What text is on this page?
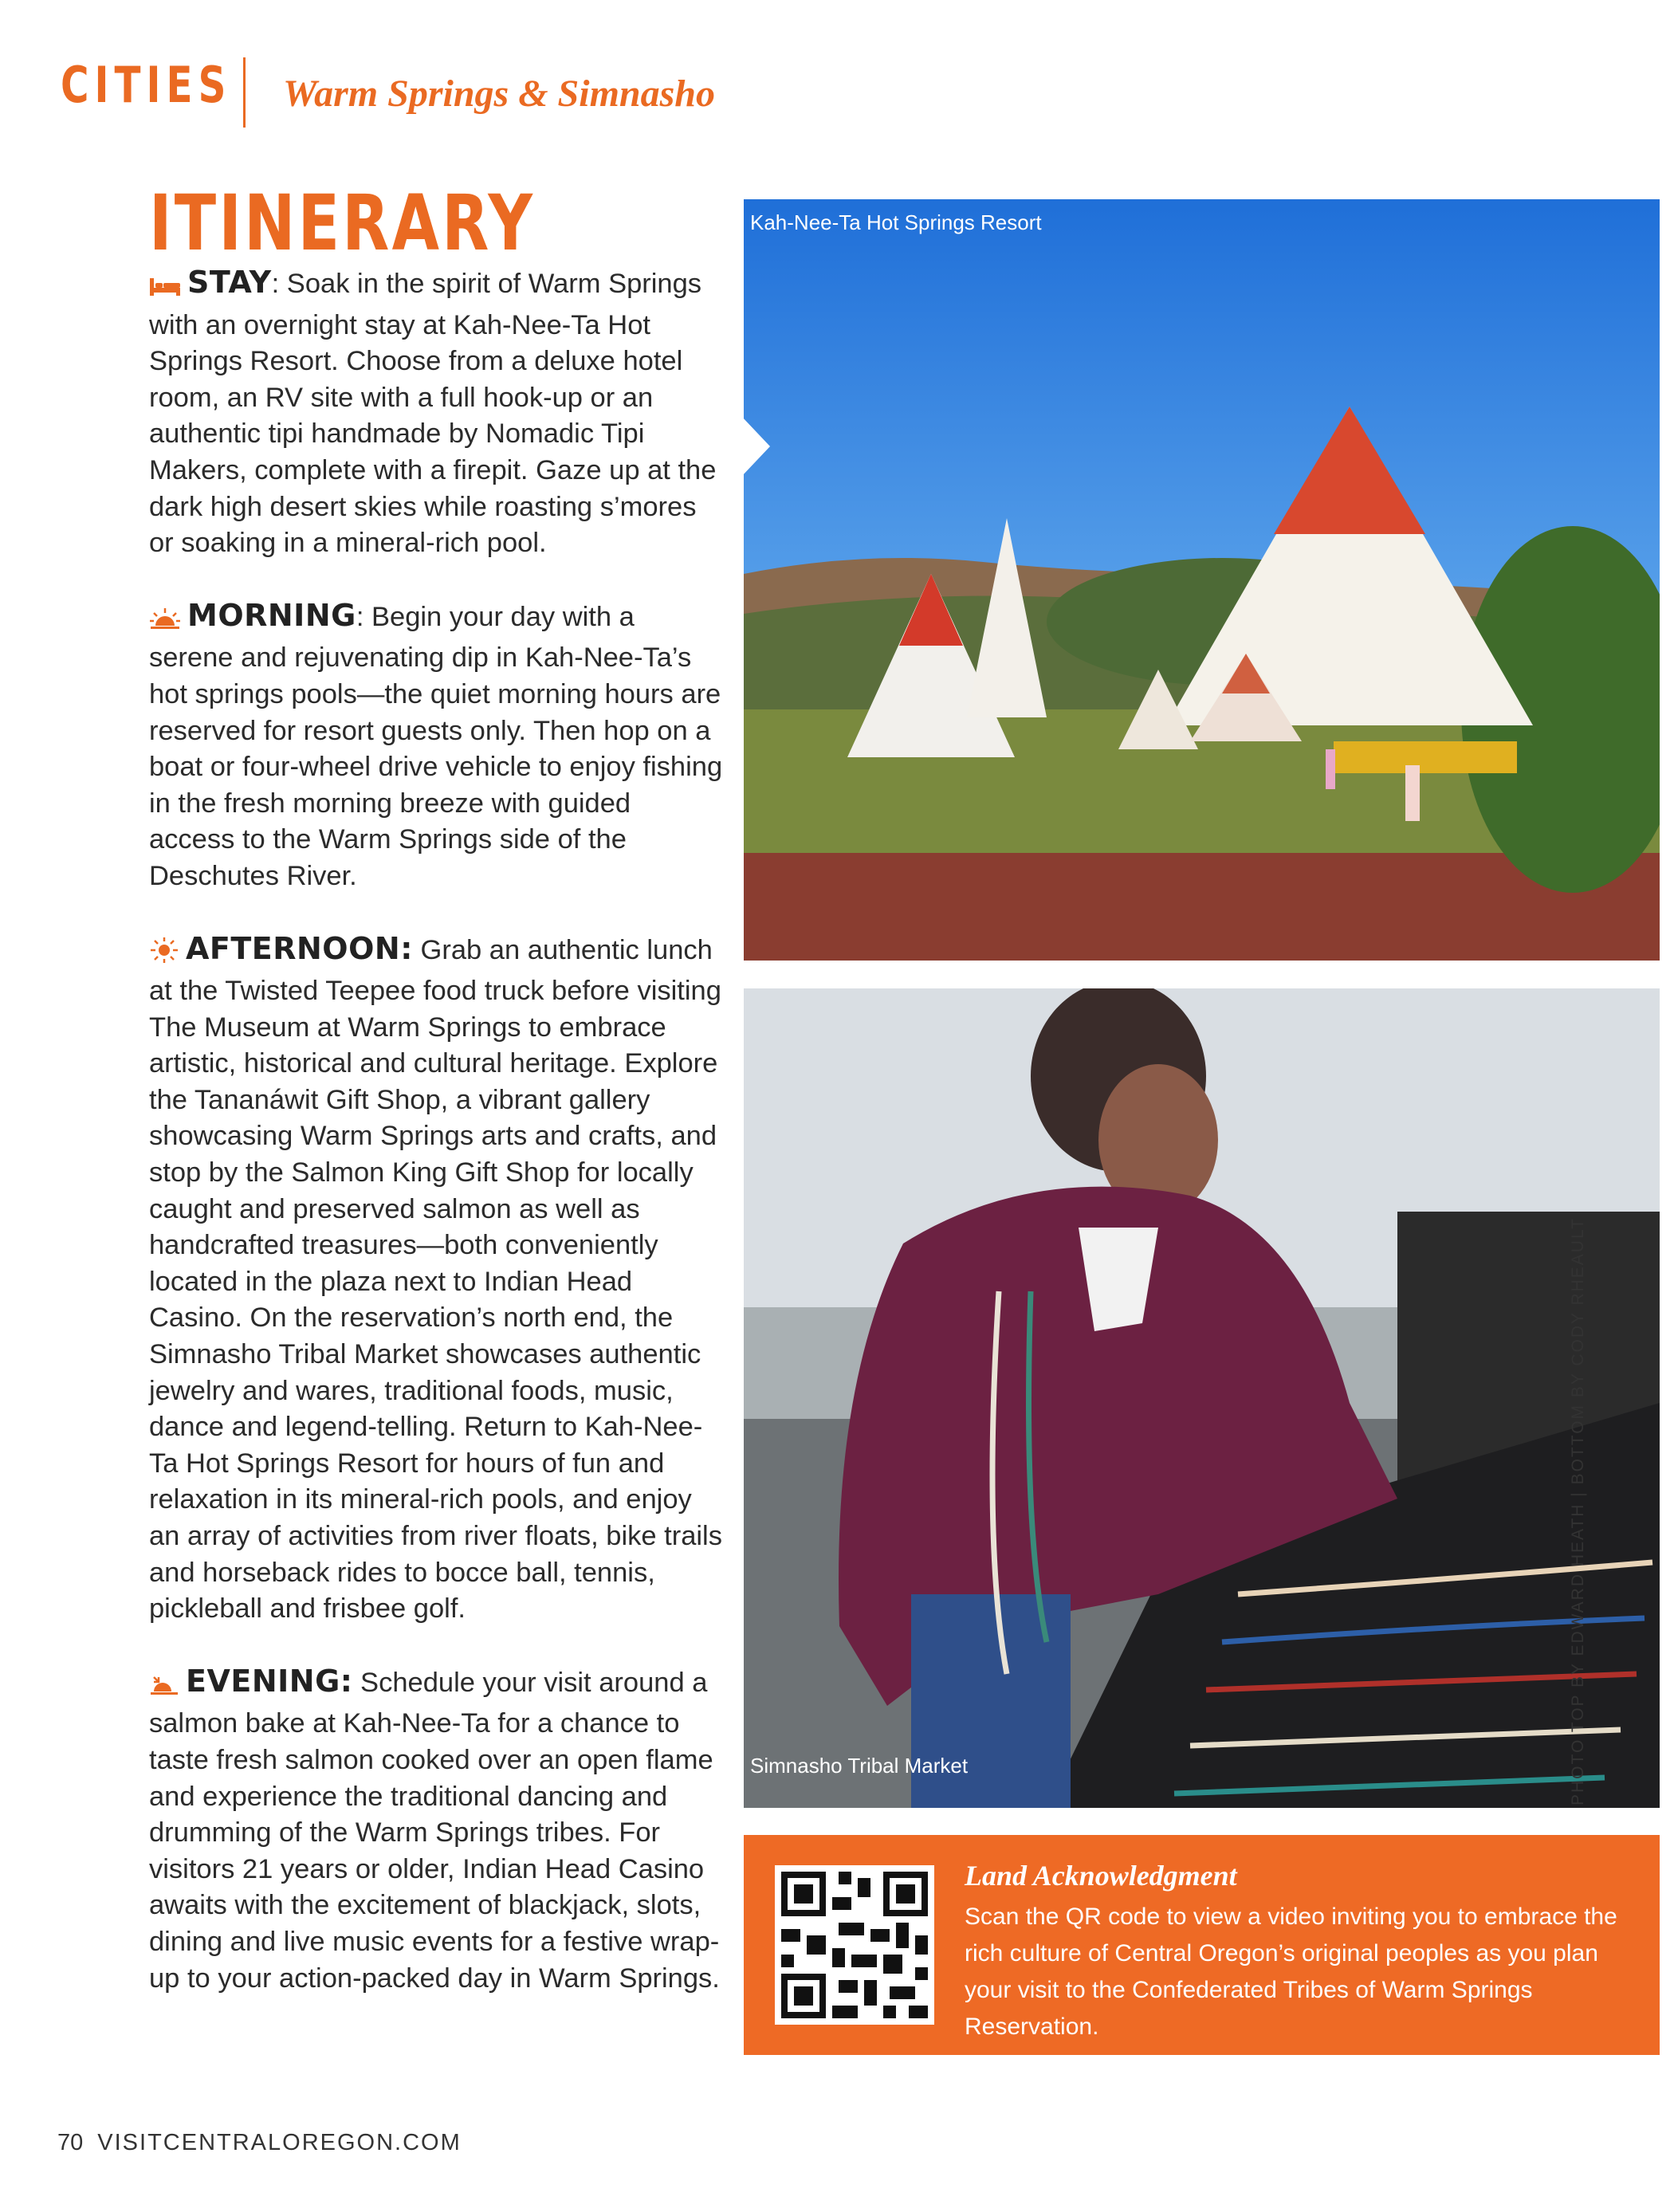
CITIES Warm Springs & Simnasho
ITINERARY

STAY: Soak in the spirit of Warm Springs with an overnight stay at Kah-Nee-Ta Hot Springs Resort. Choose from a deluxe hotel room, an RV site with a full hook-up or an authentic tipi handmade by Nomadic Tipi Makers, complete with a firepit. Gaze up at the dark high desert skies while roasting s’mores or soaking in a mineral-rich pool.

MORNING: Begin your day with a serene and rejuvenating dip in Kah-Nee-Ta’s hot springs pools—the quiet morning hours are reserved for resort guests only. Then hop on a boat or four-wheel drive vehicle to enjoy fishing in the fresh morning breeze with guided access to the Warm Springs side of the Deschutes River.

AFTERNOON: Grab an authentic lunch at the Twisted Teepee food truck before visiting The Museum at Warm Springs to embrace artistic, historical and cultural heritage. Explore the Tananáwit Gift Shop, a vibrant gallery showcasing Warm Springs arts and crafts, and stop by the Salmon King Gift Shop for locally caught and preserved salmon as well as handcrafted treasures—both conveniently located in the plaza next to Indian Head Casino. On the reservation’s north end, the Simnasho Tribal Market showcases authentic jewelry and wares, traditional foods, music, dance and legend-telling. Return to Kah-Nee-Ta Hot Springs Resort for hours of fun and relaxation in its mineral-rich pools, and enjoy an array of activities from river floats, bike trails and horseback rides to bocce ball, tennis, pickleball and frisbee golf.

EVENING: Schedule your visit around a salmon bake at Kah-Nee-Ta for a chance to taste fresh salmon cooked over an open flame and experience the traditional dancing and drumming of the Warm Springs tribes. For visitors 21 years or older, Indian Head Casino awaits with the excitement of blackjack, slots, dining and live music events for a festive wrap-up to your action-packed day in Warm Springs.

Kah-Nee-Ta Hot Springs Resort
Simnasho Tribal Market	PHOTO TOP BY EDWARD HEATH | BOTTOM BY CODY RHEAULT
Land Acknowledgment
Scan the QR code to view a video inviting you to embrace the rich culture of Central Oregon’s original peoples as you plan your visit to the Confederated Tribes of Warm Springs Reservation.
70 VISITCENTRALOREGON.COM
